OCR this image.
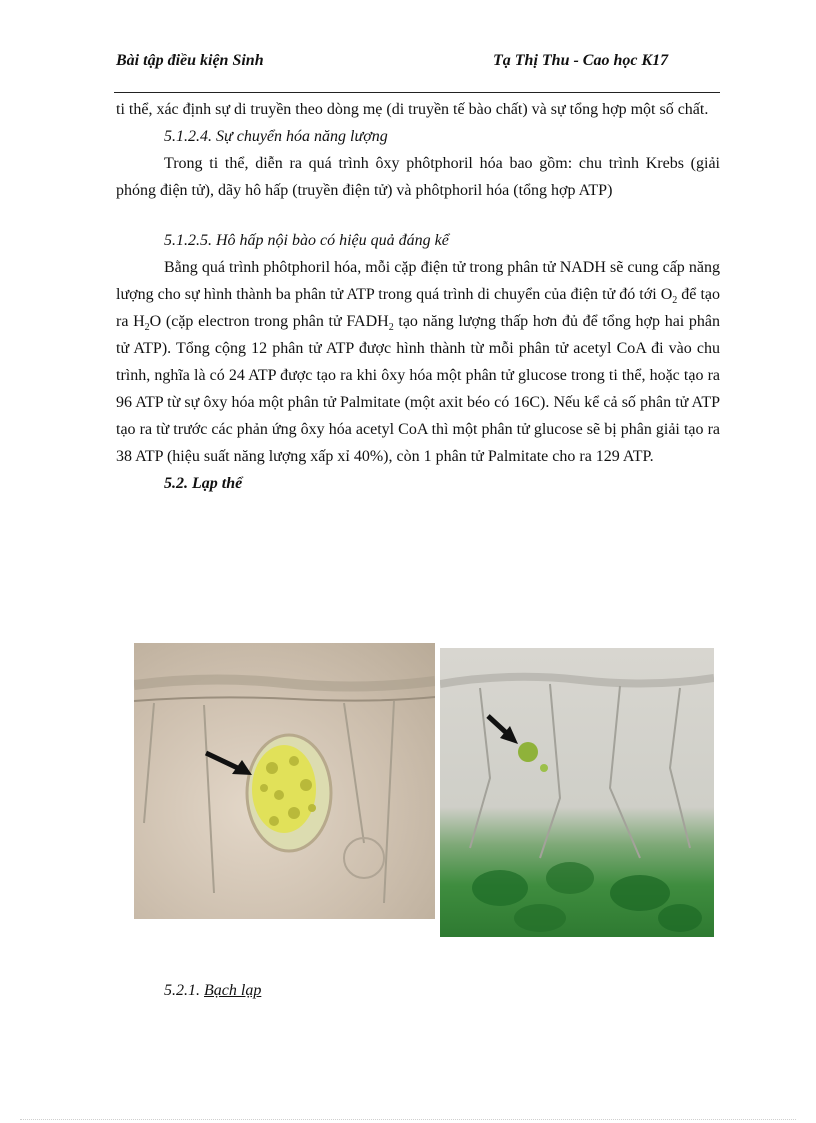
Bài tập điều kiện Sinh	Tạ Thị Thu - Cao học K17

ti thể, xác định sự di truyền theo dòng mẹ (di truyền tế bào chất) và sự tổng hợp một số chất.

5.1.2.4. Sự chuyển hóa năng lượng

Trong ti thể, diễn ra quá trình ôxy phôtphoril hóa bao gồm: chu trình Krebs (giải phóng điện tử), dãy hô hấp (truyền điện tử) và phôtphoril hóa (tổng hợp ATP)

5.1.2.5. Hô hấp nội bào có hiệu quả đáng kể

Bằng quá trình phôtphoril hóa, mỗi cặp điện tử trong phân tử NADH sẽ cung cấp năng lượng cho sự hình thành ba phân tử ATP trong quá trình di chuyển của điện tử đó tới $O_2$ để tạo ra $H_2O$ (cặp electron trong phân tử $FADH_2$ tạo năng lượng thấp hơn đủ để tổng hợp hai phân tử ATP). Tổng cộng 12 phân tử ATP được hình thành từ mỗi phân tử acetyl CoA đi vào chu trình, nghĩa là có 24 ATP được tạo ra khi ôxy hóa một phân tử glucose trong ti thể, hoặc tạo ra 96 ATP từ sự ôxy hóa một phân tử Palmitate (một axit béo có 16C). Nếu kể cả số phân tử ATP tạo ra từ trước các phản ứng ôxy hóa acetyl CoA thì một phân tử glucose sẽ bị phân giải tạo ra 38 ATP (hiệu suất năng lượng xấp xỉ 40%), còn 1 phân tử Palmitate cho ra 129 ATP.

5.2. Lạp thể

5.2.1. Bạch lạp
